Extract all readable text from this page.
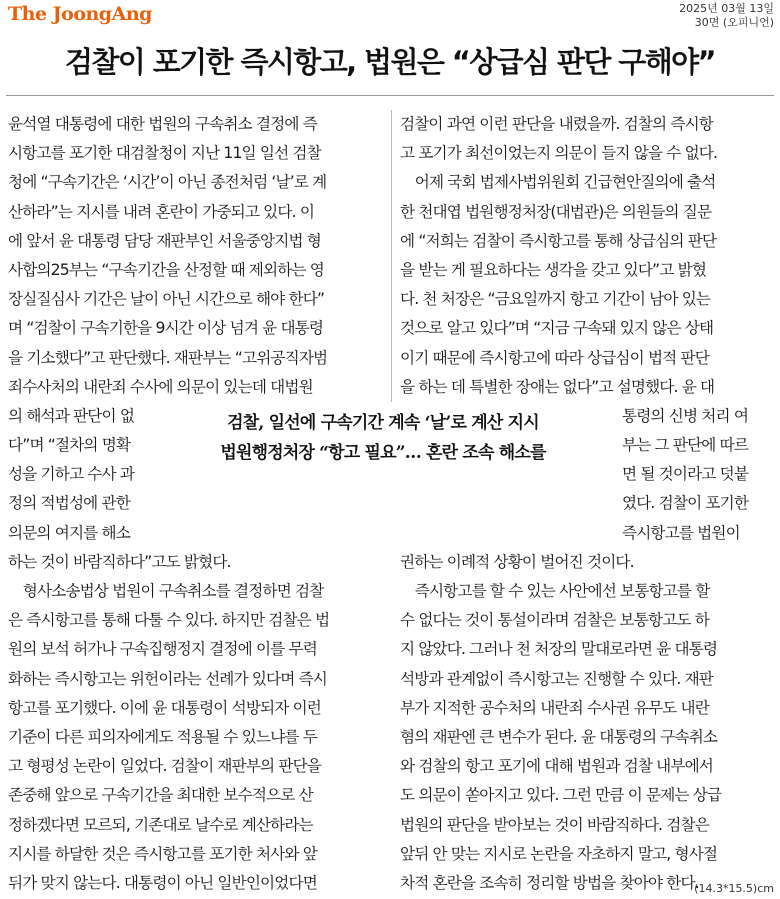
The JoongAng	2025년 03월 13일
30면 (오피니언)
검찰이 포기한 즉시항고, 법원은 “상급심 판단 구해야”
윤석열 대통령에 대한 법원의 구속취소 결정에 즉
시항고를 포기한 대검찰청이 지난 11일 일선 검찰
청에 “구속기간은 ‘시간’이 아닌 종전처럼 ‘날’로 계
산하라”는 지시를 내려 혼란이 가중되고 있다. 이
에 앞서 윤 대통령 담당 재판부인 서울중앙지법 형
사합의25부는 “구속기간을 산정할 때 제외하는 영
장실질심사 기간은 날이 아닌 시간으로 해야 한다”
며 “검찰이 구속기한을 9시간 이상 넘겨 윤 대통령
을 기소했다”고 판단했다. 재판부는 “고위공직자범
죄수사처의 내란죄 수사에 의문이 있는데 대법원
의 해석과 판단이 없
다”며 “절차의 명확
성을 기하고 수사 과
정의 적법성에 관한
의문의 여지를 해소
하는 것이 바람직하다”고도 밝혔다.
　형사소송법상 법원이 구속취소를 결정하면 검찰
은 즉시항고를 통해 다툴 수 있다. 하지만 검찰은 법
원의 보석 허가나 구속집행정지 결정에 이를 무력
화하는 즉시항고는 위헌이라는 선례가 있다며 즉시
항고를 포기했다. 이에 윤 대통령이 석방되자 이런
기준이 다른 피의자에게도 적용될 수 있느냐를 두
고 형평성 논란이 일었다. 검찰이 재판부의 판단을
존중해 앞으로 구속기간을 최대한 보수적으로 산
정하겠다면 모르되, 기존대로 날수로 계산하라는
지시를 하달한 것은 즉시항고를 포기한 처사와 앞
뒤가 맞지 않는다. 대통령이 아닌 일반인이었다면
검찰이 과연 이런 판단을 내렸을까. 검찰의 즉시항
고 포기가 최선이었는지 의문이 들지 않을 수 없다.
　어제 국회 법제사법위원회 긴급현안질의에 출석
한 천대엽 법원행정처장(대법관)은 의원들의 질문
에 “저희는 검찰이 즉시항고를 통해 상급심의 판단
을 받는 게 필요하다는 생각을 갖고 있다”고 밝혔
다. 천 처장은 “금요일까지 항고 기간이 남아 있는
것으로 알고 있다”며 “지금 구속돼 있지 않은 상태
이기 때문에 즉시항고에 따라 상급심이 법적 판단
을 하는 데 특별한 장애는 없다”고 설명했다. 윤 대
통령의 신병 처리 여
부는 그 판단에 따르
면 될 것이라고 덧붙
였다. 검찰이 포기한
즉시항고를 법원이
권하는 이례적 상황이 벌어진 것이다.
　즉시항고를 할 수 있는 사안에선 보통항고를 할
수 없다는 것이 통설이라며 검찰은 보통항고도 하
지 않았다. 그러나 천 처장의 말대로라면 윤 대통령
석방과 관계없이 즉시항고는 진행할 수 있다. 재판
부가 지적한 공수처의 내란죄 수사권 유무도 내란
혐의 재판엔 큰 변수가 된다. 윤 대통령의 구속취소
와 검찰의 항고 포기에 대해 법원과 검찰 내부에서
도 의문이 쏟아지고 있다. 그런 만큼 이 문제는 상급
법원의 판단을 받아보는 것이 바람직하다. 검찰은
앞뒤 안 맞는 지시로 논란을 자초하지 말고, 형사절
차적 혼란을 조속히 정리할 방법을 찾아야 한다.
검찰, 일선에 구속기간 계속 ‘날’로 계산 지시
법원행정처장 “항고 필요”… 혼란 조속 해소를
(14.3*15.5)cm
